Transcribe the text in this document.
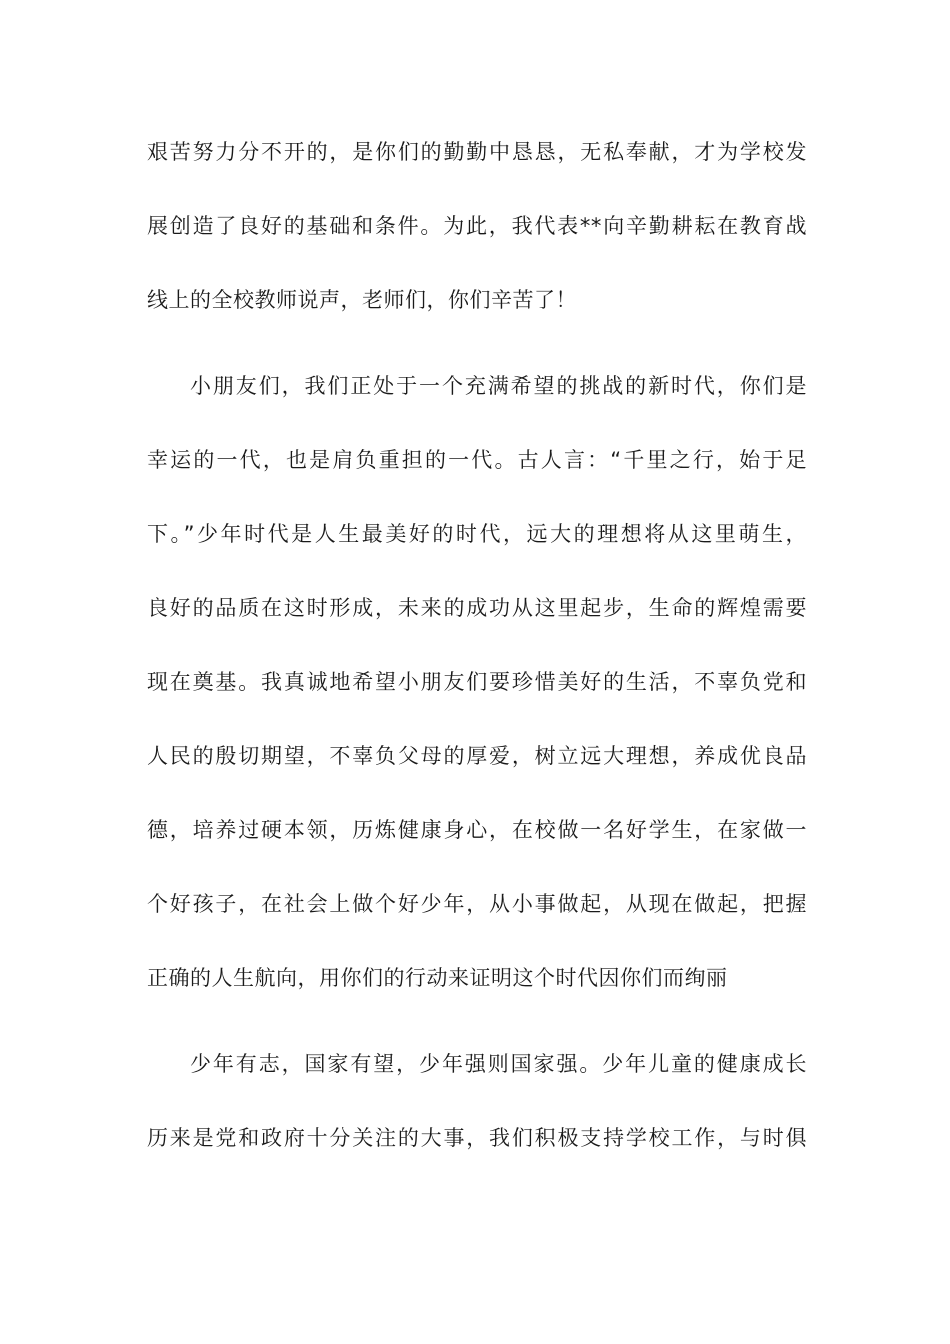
艰苦努力分不开的，是你们的勤勤中恳恳，无私奉献，才为学校发
展创造了良好的基础和条件。为此，我代表**向辛勤耕耘在教育战
线上的全校教师说声，老师们，你们辛苦了！
小朋友们，我们正处于一个充满希望的挑战的新时代，你们是
幸运的一代，也是肩负重担的一代。古人言：“千里之行，始于足
下。”少年时代是人生最美好的时代，远大的理想将从这里萌生，
良好的品质在这时形成，未来的成功从这里起步，生命的辉煌需要
现在奠基。我真诚地希望小朋友们要珍惜美好的生活，不辜负党和
人民的殷切期望，不辜负父母的厚爱，树立远大理想，养成优良品
德，培养过硬本领，历炼健康身心，在校做一名好学生，在家做一
个好孩子，在社会上做个好少年，从小事做起，从现在做起，把握
正确的人生航向，用你们的行动来证明这个时代因你们而绚丽
少年有志，国家有望，少年强则国家强。少年儿童的健康成长
历来是党和政府十分关注的大事，我们积极支持学校工作，与时俱
